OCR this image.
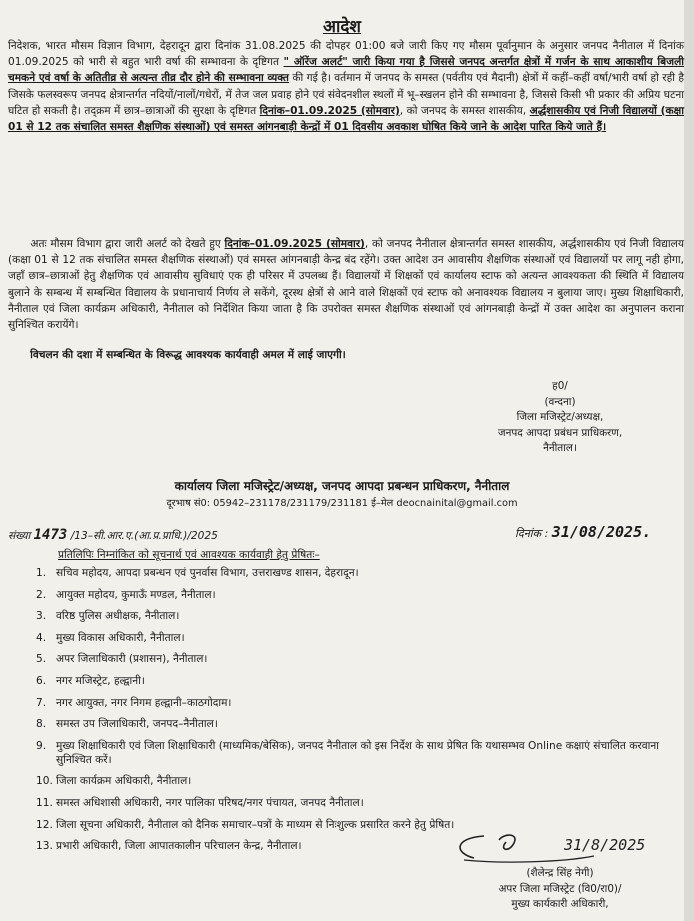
आदेश

निदेशक, भारत मौसम विज्ञान विभाग, देहरादून द्वारा दिनांक 31.08.2025 की दोपहर 01:00 बजे जारी किए गए मौसम पूर्वानुमान के अनुसार जनपद नैनीताल में दिनांक 01.09.2025 को भारी से बहुत भारी वर्षा की सम्भावना के दृष्टिगत " ऑरेंज अलर्ट" जारी किया गया है जिससे जनपद अन्तर्गत क्षेत्रों में गर्जन के साथ आकाशीय बिजली चमकने एवं वर्षा के अतितीव्र से अत्यन्त तीव्र दौर होने की सम्भावना व्यक्त की गई है। वर्तमान में जनपद के समस्त (पर्वतीय एवं मैदानी) क्षेत्रों में कहीं–कहीं वर्षा/भारी वर्षा हो रही है जिसके फलस्वरूप जनपद क्षेत्रान्तर्गत नदियों/नालों/गधेरों, में तेज जल प्रवाह होने एवं संवेदनशील स्थलों में भू–स्खलन होने की सम्भावना है, जिससे किसी भी प्रकार की अप्रिय घटना घटित हो सकती है। तद्क्रम में छात्र–छात्राओं की सुरक्षा के दृष्टिगत दिनांक–01.09.2025 (सोमवार), को जनपद के समस्त शासकीय, अर्द्धशासकीय एवं निजी विद्यालयों (कक्षा 01 से 12 तक संचालित समस्त शैक्षणिक संस्थाओं) एवं समस्त आंगनबाड़ी केन्द्रों में 01 दिवसीय अवकाश घोषित किये जाने के आदेश पारित किये जाते हैं।

अतः मौसम विभाग द्वारा जारी अलर्ट को देखते हुए दिनांक–01.09.2025 (सोमवार), को जनपद नैनीताल क्षेत्रान्तर्गत समस्त शासकीय, अर्द्धशासकीय एवं निजी विद्यालय (कक्षा 01 से 12 तक संचालित समस्त शैक्षणिक संस्थाओं) एवं समस्त आंगनबाड़ी केन्द्र बंद रहेंगे। उक्त आदेश उन आवासीय शैक्षणिक संस्थाओं एवं विद्यालयों पर लागू नही होगा, जहाँ छात्र–छात्राओं हेतु शैक्षणिक एवं आवासीय सुविधाएं एक ही परिसर में उपलब्ध हैं। विद्यालयों में शिक्षकों एवं कार्यालय स्टाफ को अत्यन्त आवश्यकता की स्थिति में विद्यालय बुलाने के सम्बन्ध में सम्बन्धित विद्यालय के प्रधानाचार्य निर्णय ले सकेंगे, दूरस्थ क्षेत्रों से आने वाले शिक्षकों एवं स्टाफ को अनावश्यक विद्यालय न बुलाया जाए। मुख्य शिक्षाधिकारी, नैनीताल एवं जिला कार्यक्रम अधिकारी, नैनीताल को निर्देशित किया जाता है कि उपरोक्त समस्त शैक्षणिक संस्थाओं एवं आंगनबाड़ी केन्द्रों में उक्त आदेश का अनुपालन कराना सुनिश्चित करायेंगे।

विचलन की दशा में सम्बन्धित के विरूद्ध आवश्यक कार्यवाही अमल में लाई जाएगी।

ह0/
(वन्दना)
जिला मजिस्ट्रेट/अध्यक्ष,
जनपद आपदा प्रबंधन प्राधिकरण,
नैनीताल।
कार्यालय जिला मजिस्ट्रेट/अध्यक्ष, जनपद आपदा प्रबन्धन प्राधिकरण, नैनीताल
दूरभाष सं0: 05942–231178/231179/231181 ई–मेल deocnainital@gmail.com
संख्या 1473 /13–सी.आर.ए.(आ.प्र.प्राधि.)/2025	दिनांक : 31/08/2025.
प्रतिलिपिः निम्नांकित को सूचनार्थ एवं आवश्यक कार्यवाही हेतु प्रेषितः–
1. सचिव महोदय, आपदा प्रबन्धन एवं पुनर्वास विभाग, उत्तराखण्ड शासन, देहरादून।
2. आयुक्त महोदय, कुमाऊँ मण्डल, नैनीताल।
3. वरिष्ठ पुलिस अधीक्षक, नैनीताल।
4. मुख्य विकास अधिकारी, नैनीताल।
5. अपर जिलाधिकारी (प्रशासन), नैनीताल।
6. नगर मजिस्ट्रेट, हल्द्वानी।
7. नगर आयुक्त, नगर निगम हल्द्वानी–काठगोदाम।
8. समस्त उप जिलाधिकारी, जनपद–नैनीताल।
9. मुख्य शिक्षाधिकारी एवं जिला शिक्षाधिकारी (माध्यमिक/बेसिक), जनपद नैनीताल को इस निर्देश के साथ प्रेषित कि यथासम्भव Online कक्षाएं संचालित करवाना सुनिश्चित करें।
10. जिला कार्यक्रम अधिकारी, नैनीताल।
11. समस्त अधिशासी अधिकारी, नगर पालिका परिषद/नगर पंचायत, जनपद नैनीताल।
12. जिला सूचना अधिकारी, नैनीताल को दैनिक समाचार–पत्रों के माध्यम से निःशुल्क प्रसारित करने हेतु प्रेषित।
13. प्रभारी अधिकारी, जिला आपातकालीन परिचालन केन्द्र, नैनीताल।	31/8/2025
(शैलेन्द्र सिंह नेगी)
अपर जिला मजिस्ट्रेट (वि0/रा0)/
मुख्य कार्यकारी अधिकारी,
